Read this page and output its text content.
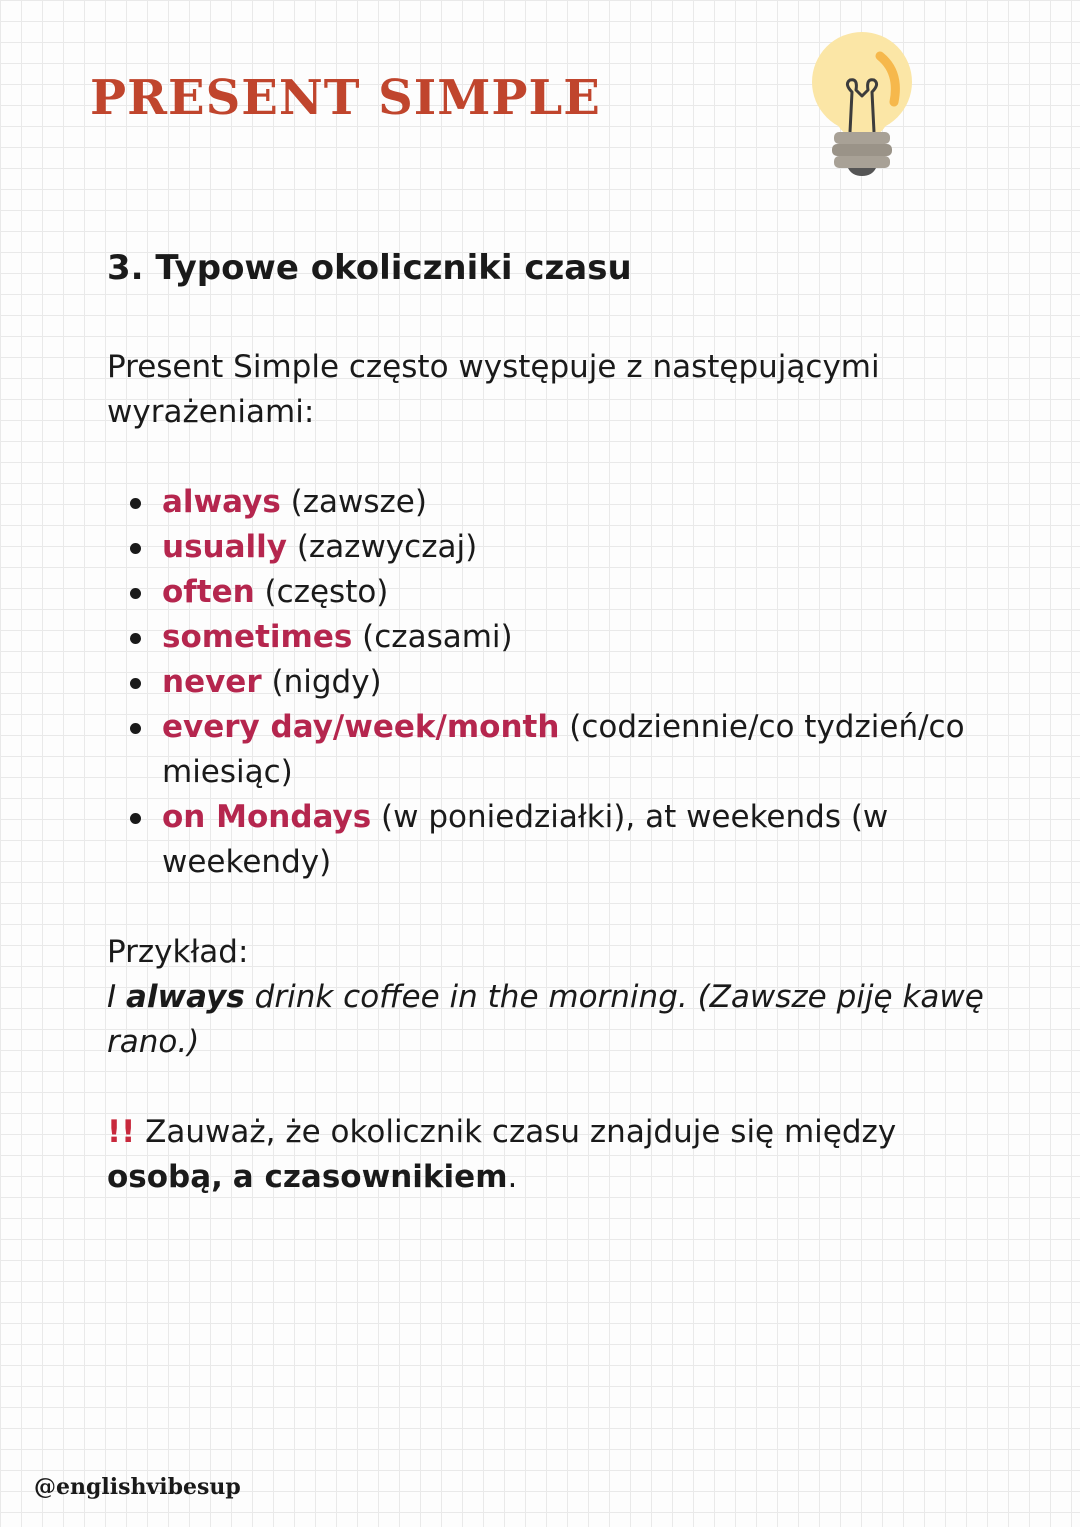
PRESENT SIMPLE
3. Typowe okoliczniki czasu

Present Simple często występuje z następującymi wyrażeniami:

always (zawsze)
usually (zazwyczaj)
often (często)
sometimes (czasami)
never (nigdy)
every day/week/month (codziennie/co tydzień/co miesiąc)
on Mondays (w poniedziałki), at weekends (w weekendy)

Przykład:

I always drink coffee in the morning. (Zawsze piję kawę rano.)

!! Zauważ, że okolicznik czasu znajduje się między osobą, a czasownikiem.

@englishvibesup
